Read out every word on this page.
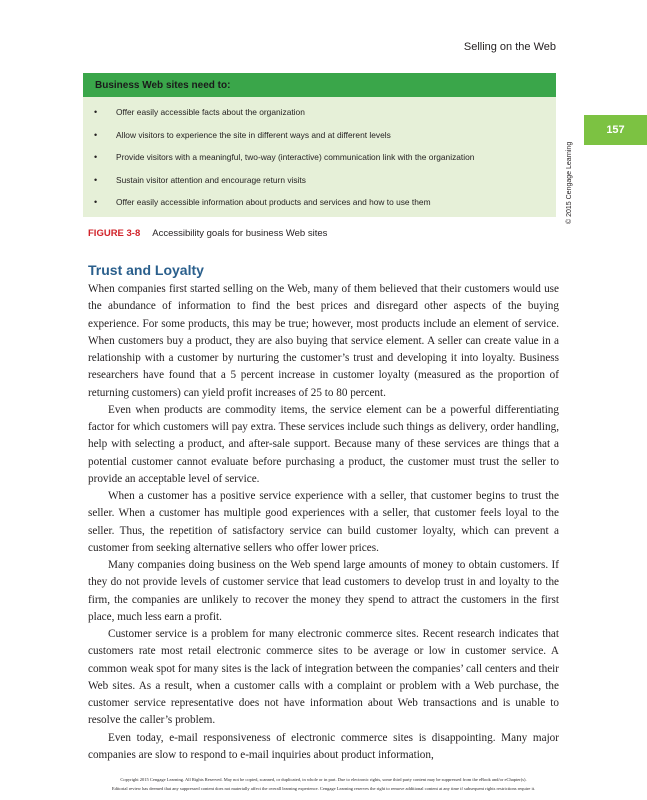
Selling on the Web
157
Business Web sites need to:
• Offer easily accessible facts about the organization
• Allow visitors to experience the site in different ways and at different levels
• Provide visitors with a meaningful, two-way (interactive) communication link with the organization
• Sustain visitor attention and encourage return visits
• Offer easily accessible information about products and services and how to use them	© 2015 Cengage Learning
FIGURE 3-8 Accessibility goals for business Web sites
Trust and Loyalty

When companies first started selling on the Web, many of them believed that their customers would use the abundance of information to find the best prices and disregard other aspects of the buying experience. For some products, this may be true; however, most products include an element of service. When customers buy a product, they are also buying that service element. A seller can create value in a relationship with a customer by nurturing the customer’s trust and developing it into loyalty. Business researchers have found that a 5 percent increase in customer loyalty (measured as the proportion of returning customers) can yield profit increases of 25 to 80 percent.

Even when products are commodity items, the service element can be a powerful differentiating factor for which customers will pay extra. These services include such things as delivery, order handling, help with selecting a product, and after-sale support. Because many of these services are things that a potential customer cannot evaluate before purchasing a product, the customer must trust the seller to provide an acceptable level of service.

When a customer has a positive service experience with a seller, that customer begins to trust the seller. When a customer has multiple good experiences with a seller, that customer feels loyal to the seller. Thus, the repetition of satisfactory service can build customer loyalty, which can prevent a customer from seeking alternative sellers who offer lower prices.

Many companies doing business on the Web spend large amounts of money to obtain customers. If they do not provide levels of customer service that lead customers to develop trust in and loyalty to the firm, the companies are unlikely to recover the money they spend to attract the customers in the first place, much less earn a profit.

Customer service is a problem for many electronic commerce sites. Recent research indicates that customers rate most retail electronic commerce sites to be average or low in customer service. A common weak spot for many sites is the lack of integration between the companies’ call centers and their Web sites. As a result, when a customer calls with a complaint or problem with a Web purchase, the customer service representative does not have information about Web transactions and is unable to resolve the caller’s problem.

Even today, e-mail responsiveness of electronic commerce sites is disappointing. Many major companies are slow to respond to e-mail inquiries about product information,

Copyright 2015 Cengage Learning. All Rights Reserved. May not be copied, scanned, or duplicated, in whole or in part. Due to electronic rights, some third party content may be suppressed from the eBook and/or eChapter(s).
Editorial review has deemed that any suppressed content does not materially affect the overall learning experience. Cengage Learning reserves the right to remove additional content at any time if subsequent rights restrictions require it.
